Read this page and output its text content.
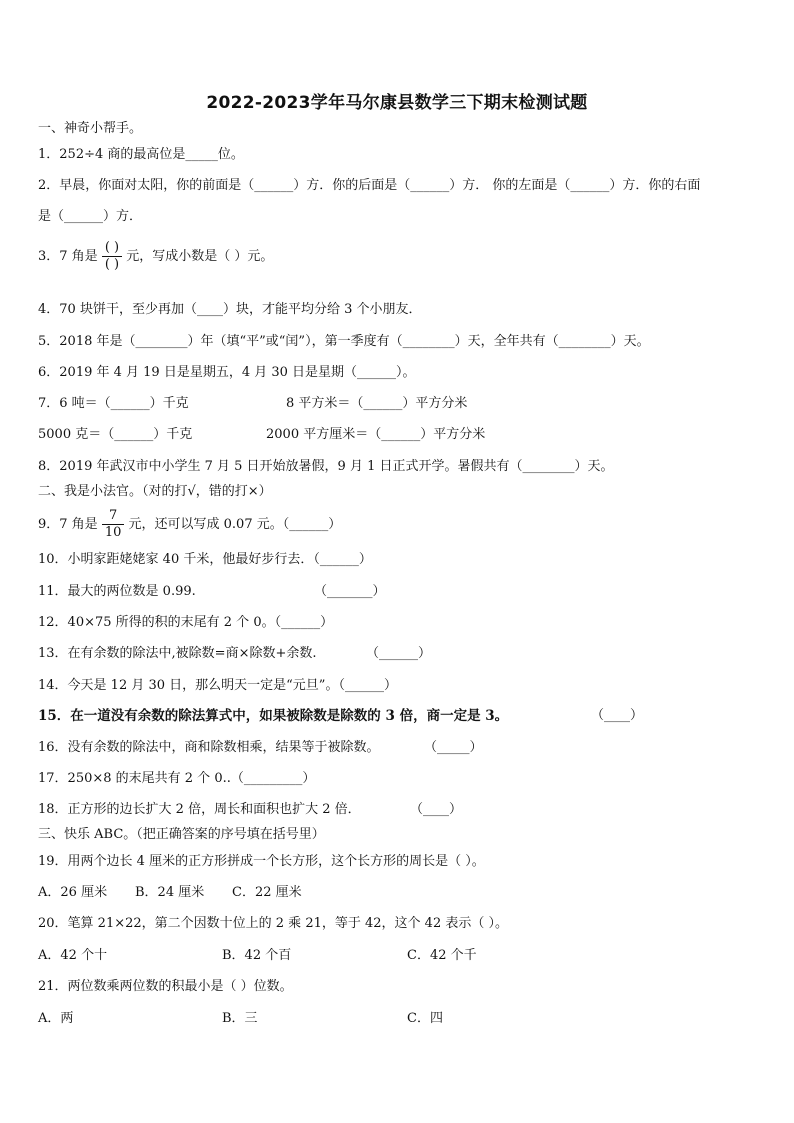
2022-2023学年马尔康县数学三下期末检测试题
一、神奇小帮手。
1．252÷4 商的最高位是_____位。
2．早晨，你面对太阳，你的前面是（______）方．你的后面是（______）方． 你的左面是（______）方．你的右面
是（______）方．
3．7 角是 $\frac{( )}{( )}$ 元，写成小数是（ ）元。
4．70 块饼干，至少再加（____）块，才能平均分给 3 个小朋友．
5．2018 年是（________）年（填“平”或“闰”），第一季度有（________）天，全年共有（________）天。
6．2019 年 4 月 19 日是星期五，4 月 30 日是星期（______）。
7．6 吨＝（______）千克	8 平方米＝（______）平方分米
5000 克＝（______）千克	2000 平方厘米＝（______）平方分米
8．2019 年武汉市中小学生 7 月 5 日开始放暑假，9 月 1 日正式开学。暑假共有（________）天。
二、我是小法官。（对的打√，错的打×）
9．7 角是 $\frac{7}{10}$ 元，还可以写成 0.07 元。（______）
10．小明家距姥姥家 40 千米，他最好步行去．（______）
11．最大的两位数是 0.99.	（_______）
12．40×75 所得的积的末尾有 2 个 0。（______）
13．在有余数的除法中,被除数=商×除数+余数.	（______）
14．今天是 12 月 30 日，那么明天一定是“元旦”。（______）
15．在一道没有余数的除法算式中，如果被除数是除数的 3 倍，商一定是 3。	（____）
16．没有余数的除法中，商和除数相乘，结果等于被除数。	（_____）
17．250×8 的末尾共有 2 个 0..（_________）
18．正方形的边长扩大 2 倍，周长和面积也扩大 2 倍．	（____）
三、快乐 ABC。（把正确答案的序号填在括号里）
19．用两个边长 4 厘米的正方形拼成一个长方形，这个长方形的周长是（ ）。
A．26 厘米 B．24 厘米 C．22 厘米
20．笔算 21×22，第二个因数十位上的 2 乘 21，等于 42，这个 42 表示（ ）。
A．42 个十	B．42 个百	C．42 个千
21．两位数乘两位数的积最小是（ ）位数。
A．两	B．三	C．四
